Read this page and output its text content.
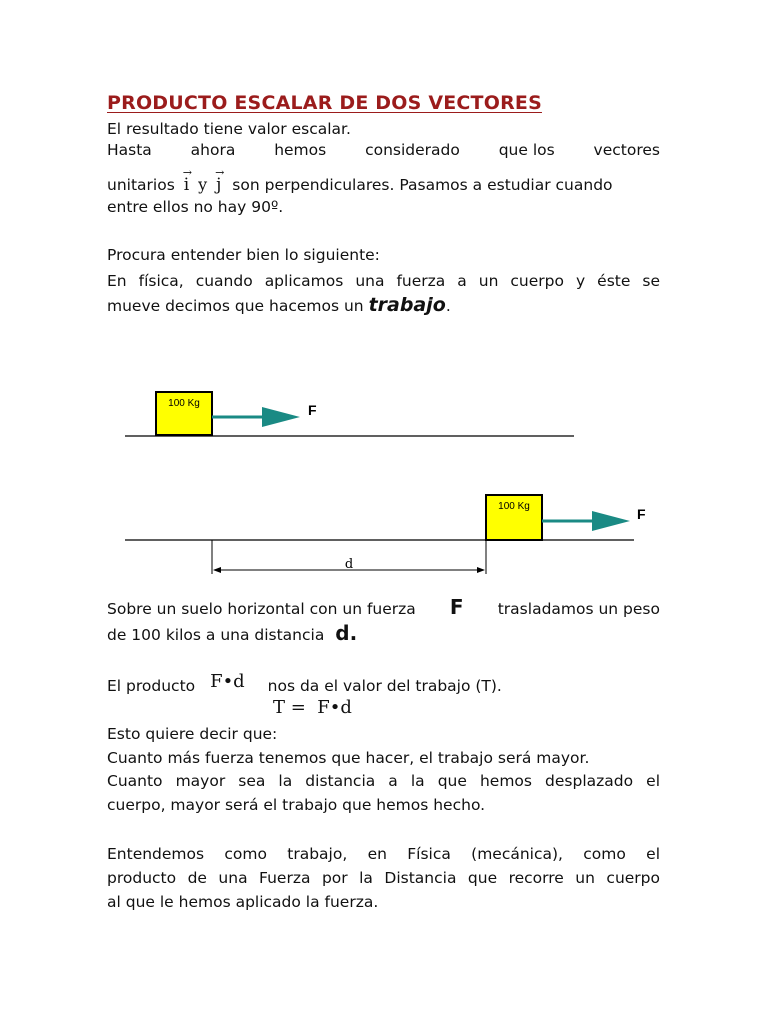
PRODUCTO ESCALAR DE DOS VECTORES
El resultado tiene valor escalar.
Hasta	ahora	hemos	considerado	que los	vectores
unitarios
→
i y
→
j son perpendiculares. Pasamos a estudiar cuando
entre ellos no hay 90º.
Procura entender bien lo siguiente:
En física, cuando aplicamos una fuerza a un cuerpo y éste se
mueve decimos que hacemos un trabajo.
100 Kg	F
100 Kg	F
d
Sobre un suelo horizontal con un fuerza F trasladamos un peso
de 100 kilos a una distancia d.
El producto F•d nos da el valor del trabajo (T).
T =  F•d
Esto quiere decir que:
Cuanto más fuerza tenemos que hacer, el trabajo será mayor.
Cuanto mayor sea la distancia a la que hemos desplazado el
cuerpo, mayor será el trabajo que hemos hecho.
Entendemos como trabajo, en Física (mecánica), como el
producto de una Fuerza por la Distancia que recorre un cuerpo
al que le hemos aplicado la fuerza.
